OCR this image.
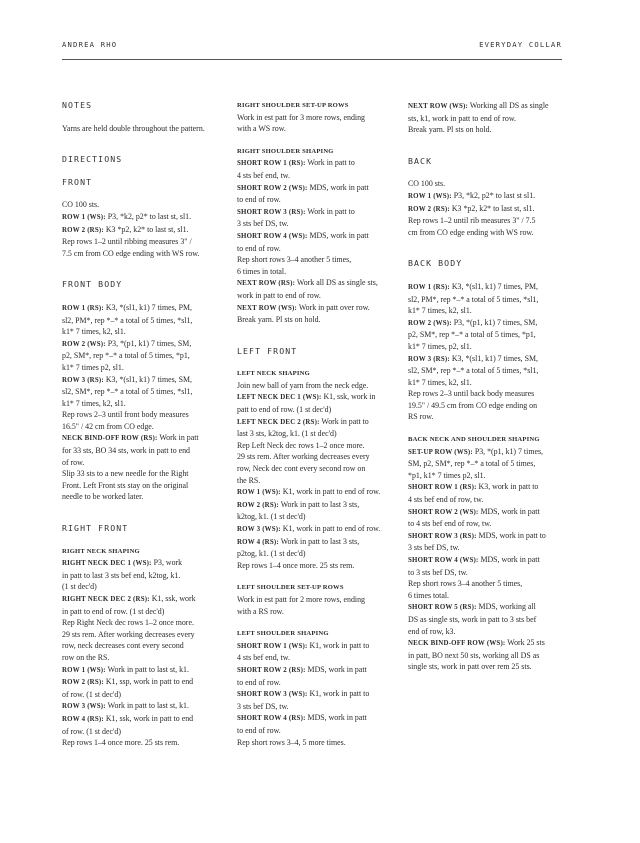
ANDREA RHO	EVERYDAY COLLAR
NOTES
Yarns are held double throughout the pattern.
DIRECTIONS
FRONT
CO 100 sts.
ROW 1 (WS): P3, *k2, p2* to last st, sl1.
ROW 2 (RS): K3 *p2, k2* to last st, sl1.
Rep rows 1–2 until ribbing measures 3" /
7.5 cm from CO edge ending with WS row.
FRONT BODY
ROW 1 (RS): K3, *(sl1, k1) 7 times, PM,
sl2, PM*, rep *–* a total of 5 times, *sl1,
k1* 7 times, k2, sl1.
ROW 2 (WS): P3, *(p1, k1) 7 times, SM,
p2, SM*, rep *–* a total of 5 times, *p1,
k1* 7 times p2, sl1.
ROW 3 (RS): K3, *(sl1, k1) 7 times, SM,
sl2, SM*, rep *–* a total of 5 times, *sl1,
k1* 7 times, k2, sl1.
Rep rows 2–3 until front body measures
16.5" / 42 cm from CO edge.
NECK BIND-OFF ROW (RS): Work in patt
for 33 sts, BO 34 sts, work in patt to end
of row.
Slip 33 sts to a new needle for the Right
Front. Left Front sts stay on the original
needle to be worked later.
RIGHT FRONT
RIGHT NECK SHAPING
RIGHT NECK DEC 1 (WS): P3, work
in patt to last 3 sts bef end, k2tog, k1.
(1 st dec'd)
RIGHT NECK DEC 2 (RS): K1, ssk, work
in patt to end of row. (1 st dec'd)
Rep Right Neck dec rows 1–2 once more.
29 sts rem. After working decreases every
row, neck decreases cont every second
row on the RS.
ROW 1 (WS): Work in patt to last st, k1.
ROW 2 (RS): K1, ssp, work in patt to end
of row. (1 st dec'd)
ROW 3 (WS): Work in patt to last st, k1.
ROW 4 (RS): K1, ssk, work in patt to end
of row. (1 st dec'd)
Rep rows 1–4 once more. 25 sts rem.
RIGHT SHOULDER SET-UP ROWS
Work in est patt for 3 more rows, ending
with a WS row.
RIGHT SHOULDER SHAPING
SHORT ROW 1 (RS): Work in patt to
4 sts bef end, tw.
SHORT ROW 2 (WS): MDS, work in patt
to end of row.
SHORT ROW 3 (RS): Work in patt to
3 sts bef DS, tw.
SHORT ROW 4 (WS): MDS, work in patt
to end of row.
Rep short rows 3–4 another 5 times,
6 times in total.
NEXT ROW (RS): Work all DS as single sts,
work in patt to end of row.
NEXT ROW (WS): Work in patt over row.
Break yarn. Pl sts on hold.
LEFT FRONT
LEFT NECK SHAPING
Join new ball of yarn from the neck edge.
LEFT NECK DEC 1 (WS): K1, ssk, work in
patt to end of row. (1 st dec'd)
LEFT NECK DEC 2 (RS): Work in patt to
last 3 sts, k2tog, k1. (1 st dec'd)
Rep Left Neck dec rows 1–2 once more.
29 sts rem. After working decreases every
row, Neck dec cont every second row on
the RS.
ROW 1 (WS): K1, work in patt to end of row.
ROW 2 (RS): Work in patt to last 3 sts,
k2tog, k1. (1 st dec'd)
ROW 3 (WS): K1, work in patt to end of row.
ROW 4 (RS): Work in patt to last 3 sts,
p2tog, k1. (1 st dec'd)
Rep rows 1–4 once more. 25 sts rem.
LEFT SHOULDER SET-UP ROWS
Work in est patt for 2 more rows, ending
with a RS row.
LEFT SHOULDER SHAPING
SHORT ROW 1 (WS): K1, work in patt to
4 sts bef end, tw.
SHORT ROW 2 (RS): MDS, work in patt
to end of row.
SHORT ROW 3 (WS): K1, work in patt to
3 sts bef DS, tw.
SHORT ROW 4 (RS): MDS, work in patt
to end of row.
Rep short rows 3–4, 5 more times.
NEXT ROW (WS): Working all DS as single
sts, k1, work in patt to end of row.
Break yarn. Pl sts on hold.
BACK
CO 100 sts.
ROW 1 (WS): P3, *k2, p2* to last st sl1.
ROW 2 (RS): K3 *p2, k2* to last st, sl1.
Rep rows 1–2 until rib measures 3" / 7.5
cm from CO edge ending with WS row.
BACK BODY
ROW 1 (RS): K3, *(sl1, k1) 7 times, PM,
sl2, PM*, rep *–* a total of 5 times, *sl1,
k1* 7 times, k2, sl1.
ROW 2 (WS): P3, *(p1, k1) 7 times, SM,
p2, SM*, rep *–* a total of 5 times, *p1,
k1* 7 times, p2, sl1.
ROW 3 (RS): K3, *(sl1, k1) 7 times, SM,
sl2, SM*, rep *–* a total of 5 times, *sl1,
k1* 7 times, k2, sl1.
Rep rows 2–3 until back body measures
19.5" / 49.5 cm from CO edge ending on
RS row.
BACK NECK AND SHOULDER SHAPING
SET-UP ROW (WS): P3, *(p1, k1) 7 times,
SM, p2, SM*, rep *–* a total of 5 times,
*p1, k1* 7 times p2, sl1.
SHORT ROW 1 (RS): K3, work in patt to
4 sts bef end of row, tw.
SHORT ROW 2 (WS): MDS, work in patt
to 4 sts bef end of row, tw.
SHORT ROW 3 (RS): MDS, work in patt to
3 sts bef DS, tw.
SHORT ROW 4 (WS): MDS, work in patt
to 3 sts bef DS, tw.
Rep short rows 3–4 another 5 times,
6 times total.
SHORT ROW 5 (RS): MDS, working all
DS as single sts, work in patt to 3 sts bef
end of row, k3.
NECK BIND-OFF ROW (WS): Work 25 sts
in patt, BO next 50 sts, working all DS as
single sts, work in patt over rem 25 sts.
